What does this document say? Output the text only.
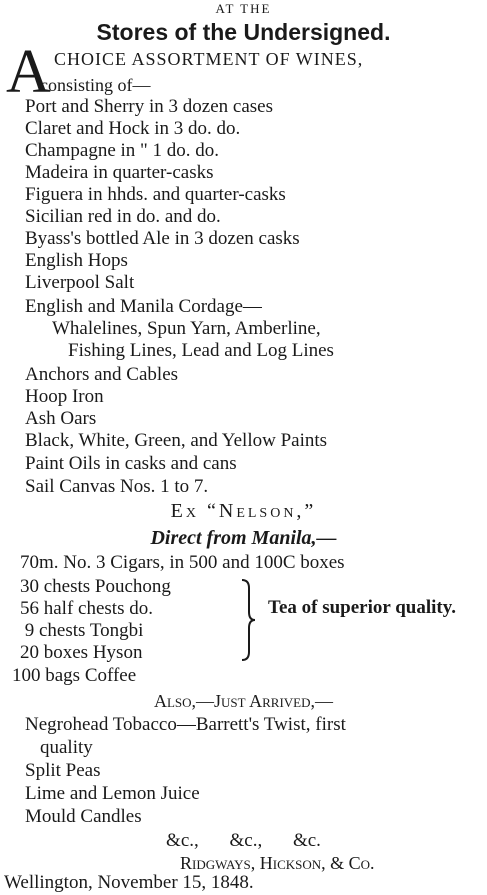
AT THE
Stores of the Undersigned.
A CHOICE ASSORTMENT OF WINES,
consisting of—
Port and Sherry in 3 dozen cases
Claret and Hock in 3 do. do.
Champagne in " 1 do. do.
Madeira in quarter-casks
Figuera in hhds. and quarter-casks
Sicilian red in do. and do.
Byass's bottled Ale in 3 dozen casks
English Hops
Liverpool Salt
English and Manila Cordage—
Whalelines, Spun Yarn, Amberline,
Fishing Lines, Lead and Log Lines
Anchors and Cables
Hoop Iron
Ash Oars
Black, White, Green, and Yellow Paints
Paint Oils in casks and cans
Sail Canvas Nos. 1 to 7.
Ex “Nelson,”
Direct from Manila,—
70m. No. 3 Cigars, in 500 and 100C boxes
30 chests Pouchong
56 half chests do.
9 chests Tongbi
20 boxes Hyson
Tea of superior quality.
100 bags Coffee
Also,—Just Arrived,—
Negrohead Tobacco—Barrett's Twist, first
quality
Split Peas
Lime and Lemon Juice
Mould Candles
&c., &c., &c.
Ridgways, Hickson, & Co.
Wellington, November 15, 1848.
